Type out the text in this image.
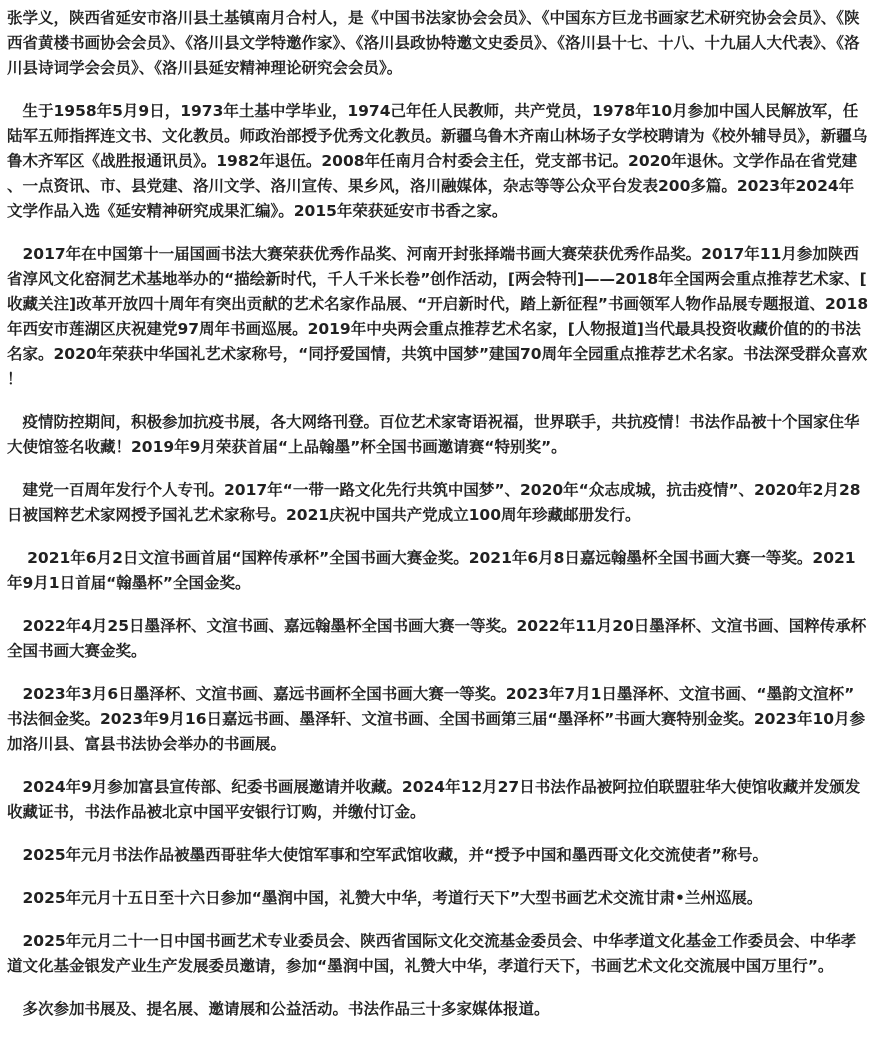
张学义，陕西省延安市洛川县土基镇南月合村人，是《中国书法家协会会员》、《中国东方巨龙书画家艺术研究协会会员》、《陕西省黄楼书画协会会员》、《洛川县文学特邀作家》、《洛川县政协特邀文史委员》、《洛川县十七、十八、十九届人大代表》、《洛川县诗词学会会员》、《洛川县延安精神理论研究会会员》。

生于1958年5月9日，1973年土基中学毕业，1974己年任人民教师，共产党员，1978年10月参加中国人民解放军，任陆军五师指挥连文书、文化教员。师政治部授予优秀文化教员。新疆乌鲁木齐南山林场子女学校聘请为《校外辅导员》，新疆乌鲁木齐军区《战胜报通讯员》。1982年退伍。2008年任南月合村委会主任，党支部书记。2020年退休。文学作品在省党建、一点资讯、市、县党建、洛川文学、洛川宣传、果乡风，洛川融媒体，杂志等等公众平台发表200多篇。2023年2024年文学作品入选《延安精神研究成果汇编》。2015年荣获延安市书香之家。

2017年在中国第十一届国画书法大赛荣获优秀作品奖、河南开封张择端书画大赛荣获优秀作品奖。2017年11月参加陕西省淳风文化窑洞艺术基地举办的“描绘新时代，千人千米长卷”创作活动，[两会特刊]——2018年全国两会重点推荐艺术家、[收藏关注]改革开放四十周年有突出贡献的艺术名家作品展、“开启新时代，踏上新征程”书画领军人物作品展专题报道、2018年西安市莲湖区庆祝建党97周年书画巡展。2019年中央两会重点推荐艺术名家，[人物报道]当代最具投资收藏价值的的书法名家。2020年荣获中华国礼艺术家称号，“同抒爱国情，共筑中国梦”建国70周年全园重点推荐艺术名家。书法深受群众喜欢！

疫情防控期间，积极参加抗疫书展，各大网络刊登。百位艺术家寄语祝福，世界联手，共抗疫情！书法作品被十个国家住华大使馆签名收藏！2019年9月荣获首届“上品翰墨”杯全国书画邀请赛“特别奖”。

建党一百周年发行个人专刊。2017年“一带一路文化先行共筑中国梦”、2020年“众志成城，抗击疫情”、2020年2月28日被国粹艺术家网授予国礼艺术家称号。2021庆祝中国共产党成立100周年珍藏邮册发行。

2021年6月2日文渲书画首届“国粹传承杯”全国书画大赛金奖。2021年6月8日嘉远翰墨杯全国书画大赛一等奖。2021年9月1日首届“翰墨杯”全国金奖。

2022年4月25日墨泽杯、文渲书画、嘉远翰墨杯全国书画大赛一等奖。2022年11月20日墨泽杯、文渲书画、国粹传承杯全国书画大赛金奖。

2023年3月6日墨泽杯、文渲书画、嘉远书画杯全国书画大赛一等奖。2023年7月1日墨泽杯、文渲书画、“墨韵文渲杯”书法徊金奖。2023年9月16日嘉远书画、墨泽轩、文渲书画、全国书画第三届“墨泽杯”书画大赛特别金奖。2023年10月参加洛川县、富县书法协会举办的书画展。

2024年9月参加富县宣传部、纪委书画展邀请并收藏。2024年12月27日书法作品被阿拉伯联盟驻华大使馆收藏并发颁发收藏证书，书法作品被北京中国平安银行订购，并缴付订金。

2025年元月书法作品被墨西哥驻华大使馆军事和空军武馆收藏，并“授予中国和墨西哥文化交流使者”称号。

2025年元月十五日至十六日参加“墨润中国，礼赞大中华，考道行天下”大型书画艺术交流甘肃•兰州巡展。

2025年元月二十一日中国书画艺术专业委员会、陕西省国际文化交流基金委员会、中华孝道文化基金工作委员会、中华孝道文化基金银发产业生产发展委员邀请，参加“墨润中国，礼赞大中华，孝道行天下，书画艺术文化交流展中国万里行”。

多次参加书展及、提名展、邀请展和公益活动。书法作品三十多家媒体报道。
